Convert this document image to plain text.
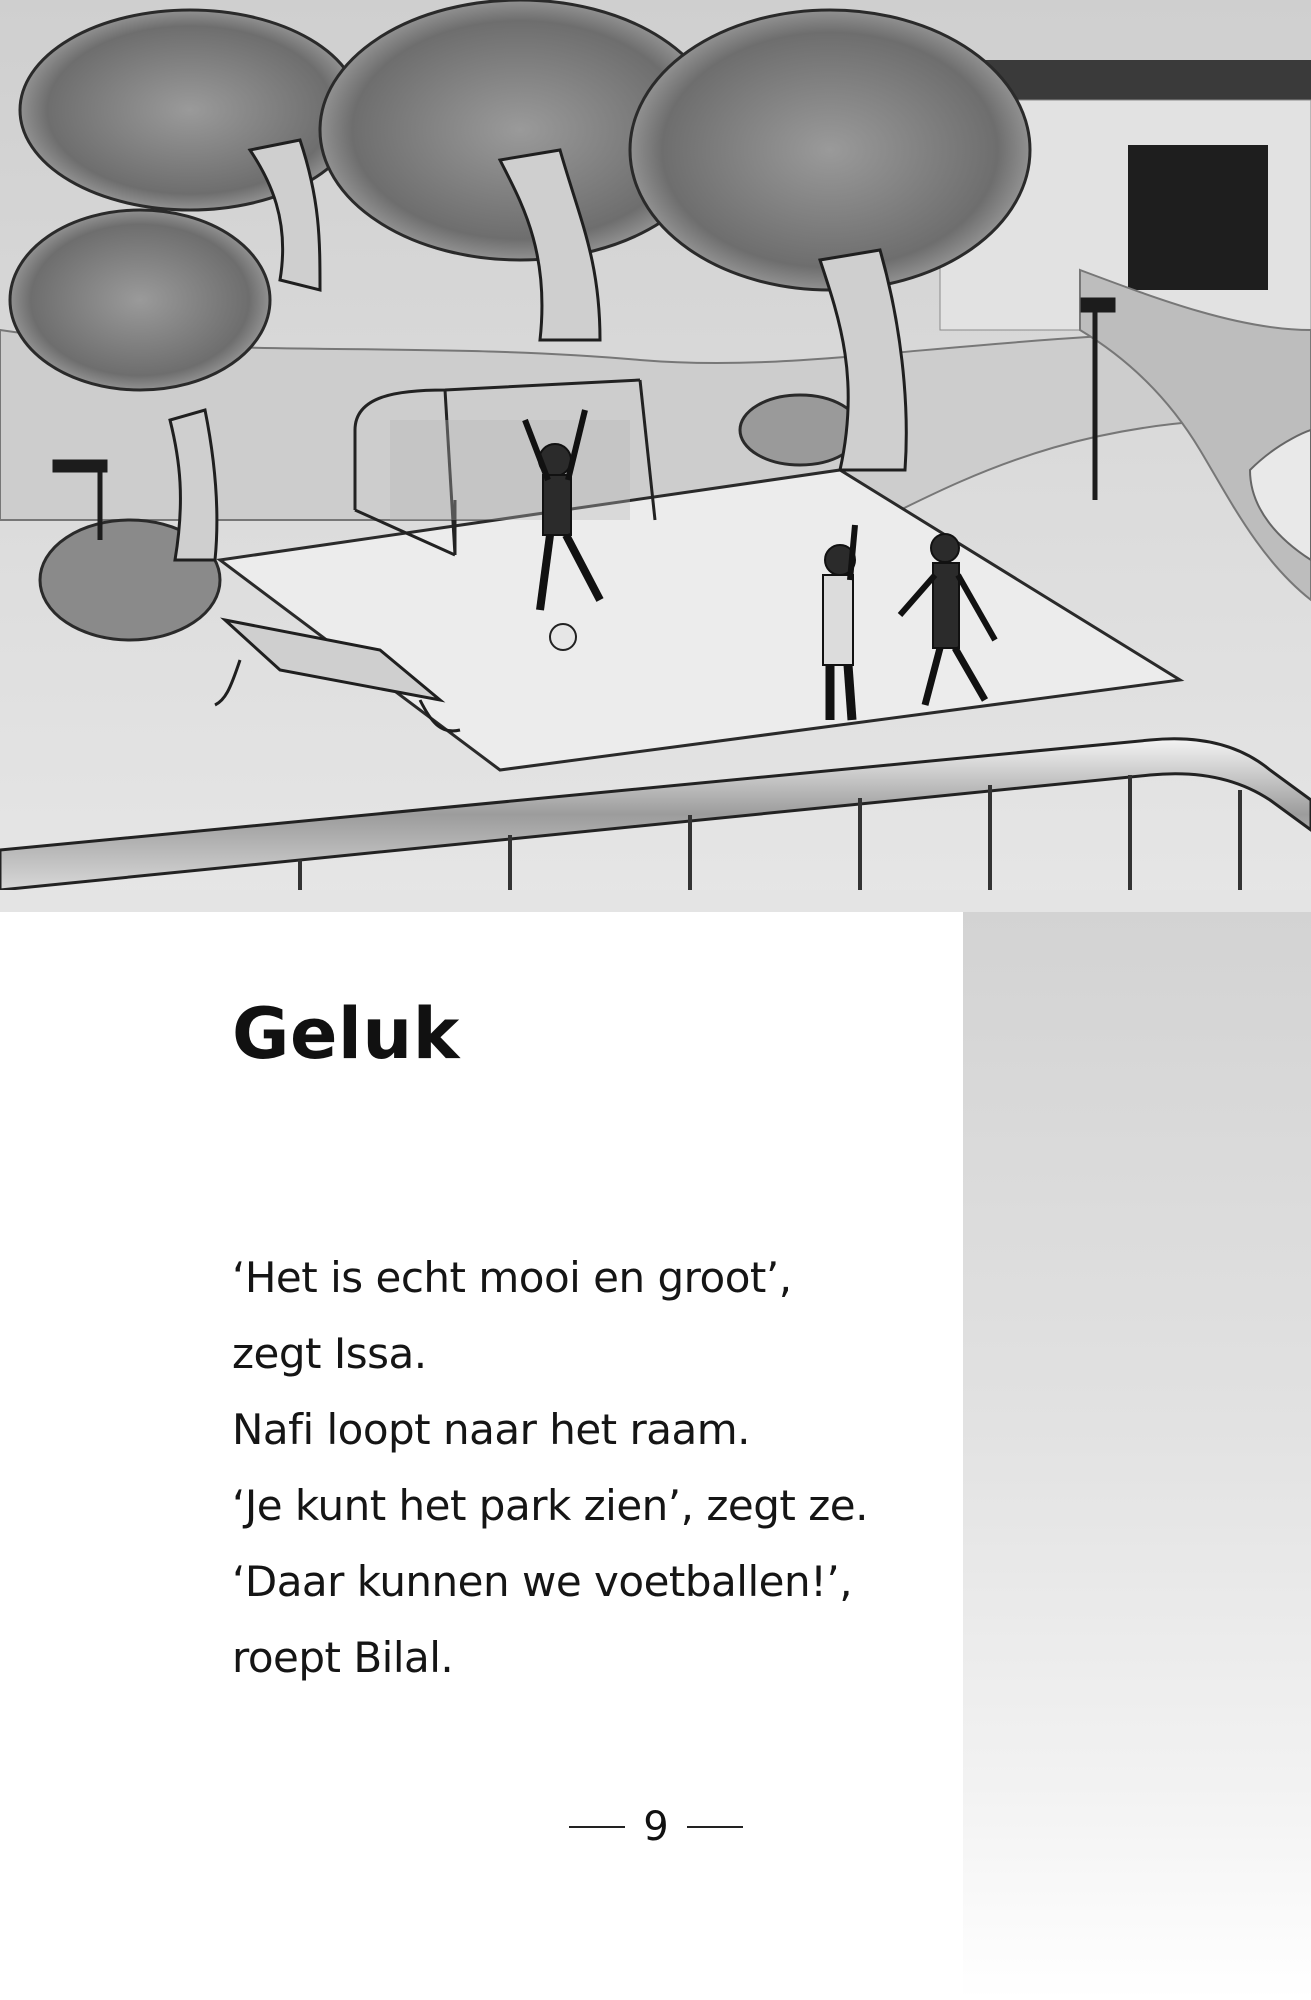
Geluk
‘Het is echt mooi en groot’,
zegt Issa.
Nafi loopt naar het raam.
‘Je kunt het park zien’, zegt ze.
‘Daar kunnen we voetballen!’,
roept Bilal.
9
